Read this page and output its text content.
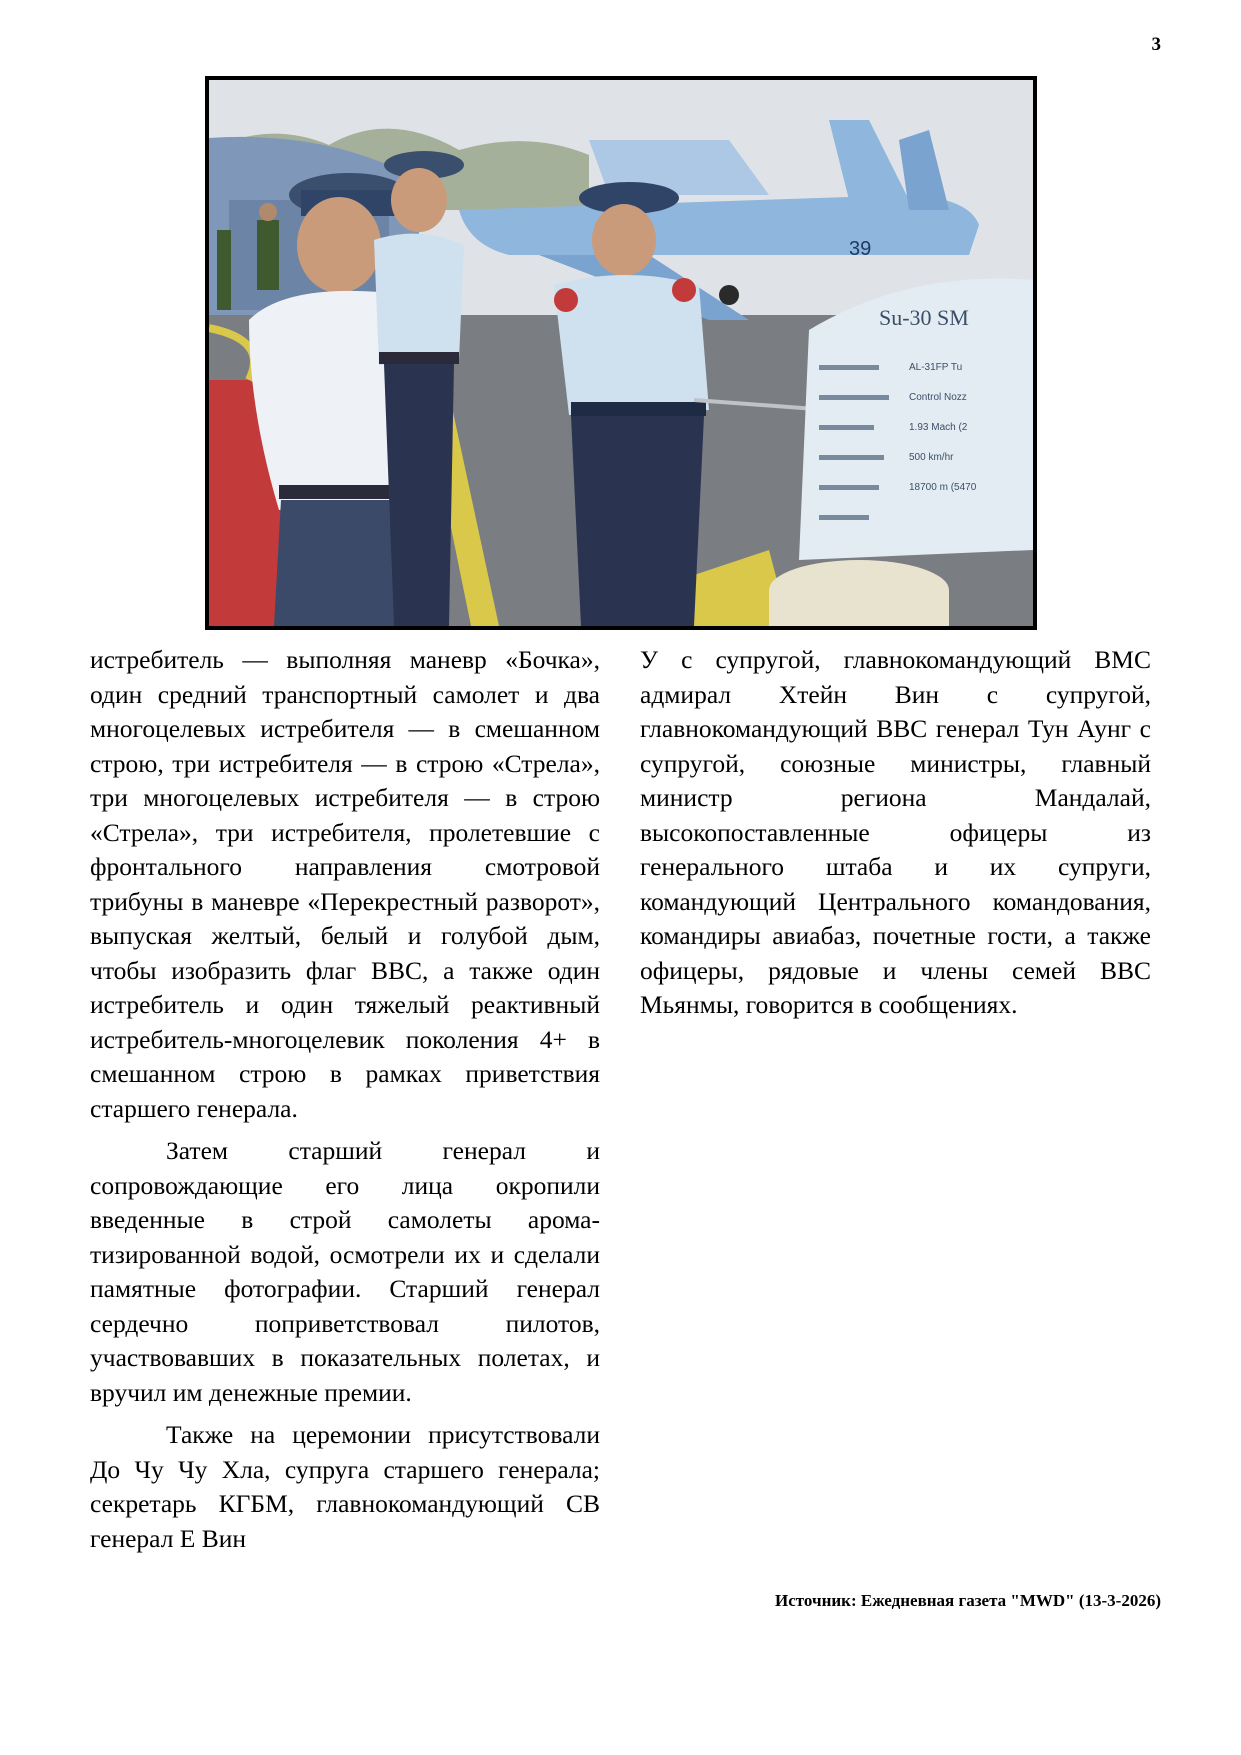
3
39
Su-30 SM
AL-31FP Tu
Control Nozz
1.93 Mach (2
500 km/hr
18700 m (5470

истребитель — выполняя маневр «Бочка», один средний транспортный самолет и два многоцелевых истребителя — в смешанном строю, три истребителя — в строю «Стрела», три многоцелевых истребителя — в строю «Стрела», три истребителя, пролетевшие с фронтального направления смотровой трибуны в маневре «Перекрестный разворот», выпуская желтый, белый и голубой дым, чтобы изобразить флаг ВВС, а также один истребитель и один тяжелый реактивный истребитель-многоцелевик поколения 4+ в смешанном строю в рамках приветствия старшего генерала.

Затем старший генерал и сопровождающие его лица окропили введенные в строй самолеты ароматизированной водой, осмотрели их и сделали памятные фотографии. Старший генерал сердечно поприветствовал пилотов, участвовавших в показательных полетах, и вручил им денежные премии.

Также на церемонии присутствовали До Чу Чу Хла, супруга старшего генерала; секретарь КГБМ, главнокомандующий СВ генерал Е Вин

У с супругой, главнокомандующий ВМС адмирал Хтейн Вин с супругой, главнокомандующий ВВС генерал Тун Аунг с супругой, союзные министры, главный министр региона Мандалай, высокопоставленные офицеры из генерального штаба и их супруги, командующий Центрального командования, командиры авиабаз, почетные гости, а также офицеры, рядовые и члены семей ВВС Мьянмы, говорится в сообщениях.

Источник: Ежедневная газета "MWD" (13-3-2026)
